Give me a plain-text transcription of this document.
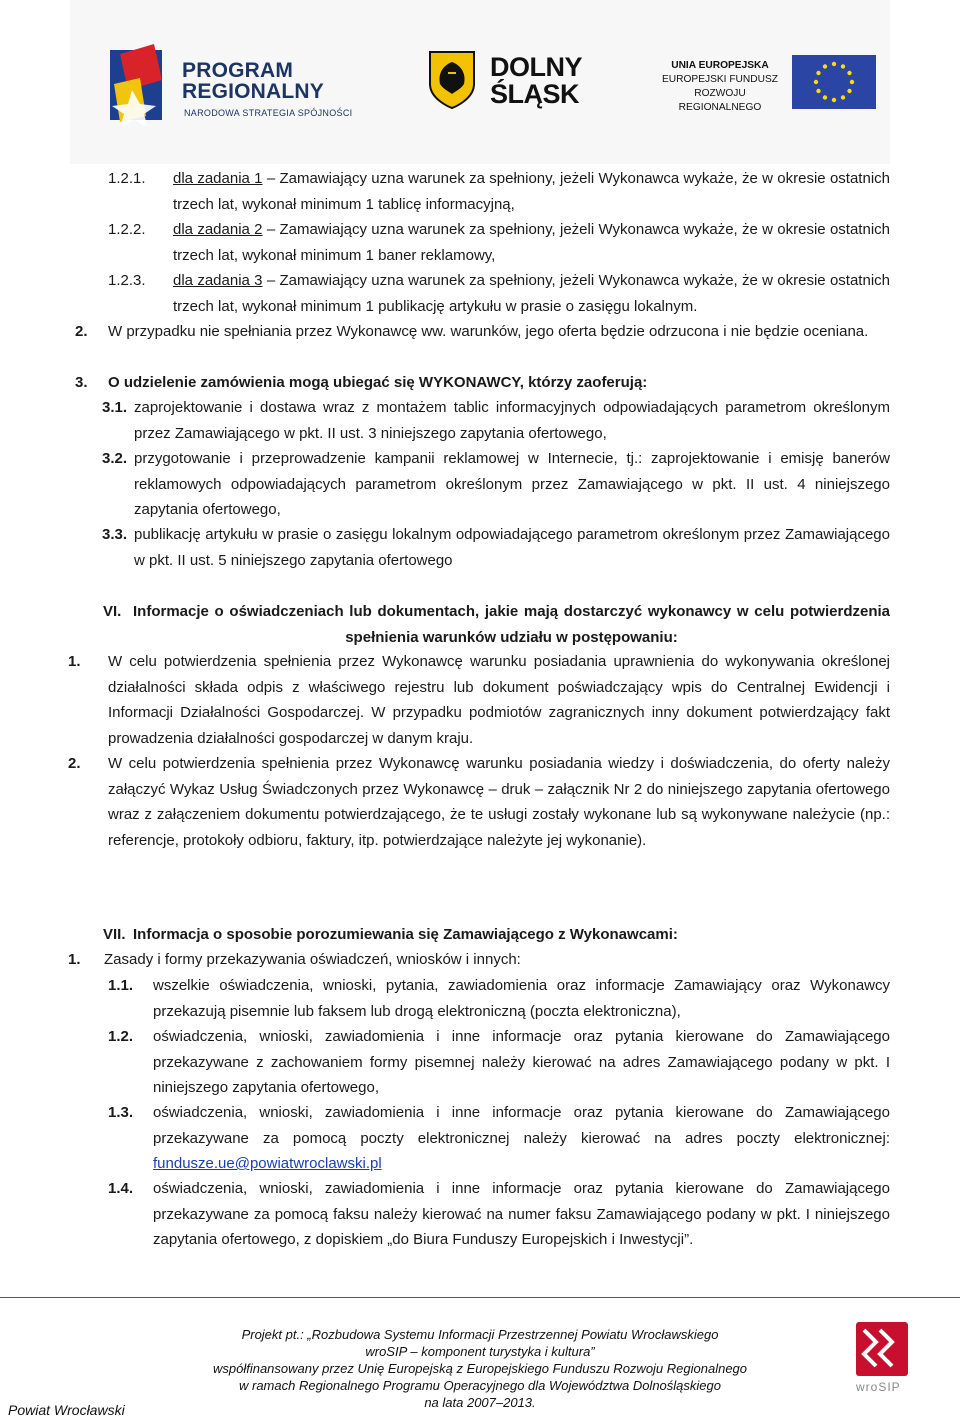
PROGRAM
REGIONALNY
NARODOWA STRATEGIA SPÓJNOŚCI
DOLNY
ŚLĄSK
UNIA EUROPEJSKA
EUROPEJSKI FUNDUSZ
ROZWOJU REGIONALNEGO
1.2.1. dla zadania 1 – Zamawiający uzna warunek za spełniony, jeżeli Wykonawca wykaże, że w okresie ostatnich trzech lat, wykonał minimum 1 tablicę informacyjną,
1.2.2. dla zadania 2 – Zamawiający uzna warunek za spełniony, jeżeli Wykonawca wykaże, że w okresie ostatnich trzech lat, wykonał minimum 1 baner reklamowy,
1.2.3. dla zadania 3 – Zamawiający uzna warunek za spełniony, jeżeli Wykonawca wykaże, że w okresie ostatnich trzech lat, wykonał minimum 1 publikację artykułu w prasie o zasięgu lokalnym.
2. W przypadku nie spełniania przez Wykonawcę ww. warunków, jego oferta będzie odrzucona i nie będzie oceniana.
3. O udzielenie zamówienia mogą ubiegać się WYKONAWCY, którzy zaoferują:
3.1. zaprojektowanie i dostawa wraz z montażem tablic informacyjnych odpowiadających parametrom określonym przez Zamawiającego w pkt. II ust. 3 niniejszego zapytania ofertowego,
3.2. przygotowanie i przeprowadzenie kampanii reklamowej w Internecie, tj.: zaprojektowanie i emisję banerów reklamowych odpowiadających parametrom określonym przez Zamawiającego w pkt. II ust. 4 niniejszego zapytania ofertowego,
3.3. publikację artykułu w prasie o zasięgu lokalnym odpowiadającego parametrom określonym przez Zamawiającego w pkt. II ust. 5 niniejszego zapytania ofertowego
VI. Informacje o oświadczeniach lub dokumentach, jakie mają dostarczyć wykonawcy w celu potwierdzenia spełnienia warunków udziału w postępowaniu:
1. W celu potwierdzenia spełnienia przez Wykonawcę warunku posiadania uprawnienia do wykonywania określonej działalności składa odpis z właściwego rejestru lub dokument poświadczający wpis do Centralnej Ewidencji i Informacji Działalności Gospodarczej. W przypadku podmiotów zagranicznych inny dokument potwierdzający fakt prowadzenia działalności gospodarczej w danym kraju.
2. W celu potwierdzenia spełnienia przez Wykonawcę warunku posiadania wiedzy i doświadczenia, do oferty należy załączyć Wykaz Usług Świadczonych przez Wykonawcę – druk – załącznik Nr 2 do niniejszego zapytania ofertowego wraz z załączeniem dokumentu potwierdzającego, że te usługi zostały wykonane lub są wykonywane należycie (np.: referencje, protokoły odbioru, faktury, itp. potwierdzające należyte jej wykonanie).
VII. Informacja o sposobie porozumiewania się Zamawiającego z Wykonawcami:
1. Zasady i formy przekazywania oświadczeń, wniosków i innych:
1.1. wszelkie oświadczenia, wnioski, pytania, zawiadomienia oraz informacje Zamawiający oraz Wykonawcy przekazują pisemnie lub faksem lub drogą elektroniczną (poczta elektroniczna),
1.2. oświadczenia, wnioski, zawiadomienia i inne informacje oraz pytania kierowane do Zamawiającego przekazywane z zachowaniem formy pisemnej należy kierować na adres Zamawiającego podany w pkt. I niniejszego zapytania ofertowego,
1.3. oświadczenia, wnioski, zawiadomienia i inne informacje oraz pytania kierowane do Zamawiającego przekazywane za pomocą poczty elektronicznej należy kierować na adres poczty elektronicznej: fundusze.ue@powiatwroclawski.pl
1.4. oświadczenia, wnioski, zawiadomienia i inne informacje oraz pytania kierowane do Zamawiającego przekazywane za pomocą faksu należy kierować na numer faksu Zamawiającego podany w pkt. I niniejszego zapytania ofertowego, z dopiskiem „do Biura Funduszy Europejskich i Inwestycji”.
Projekt pt.: „Rozbudowa Systemu Informacji Przestrzennej Powiatu Wrocławskiego
wroSIP – komponent turystyka i kultura”
współfinansowany przez Unię Europejską z Europejskiego Funduszu Rozwoju Regionalnego
w ramach Regionalnego Programu Operacyjnego dla Województwa Dolnośląskiego
na lata 2007–2013.
Powiat Wrocławski
wroSIP
